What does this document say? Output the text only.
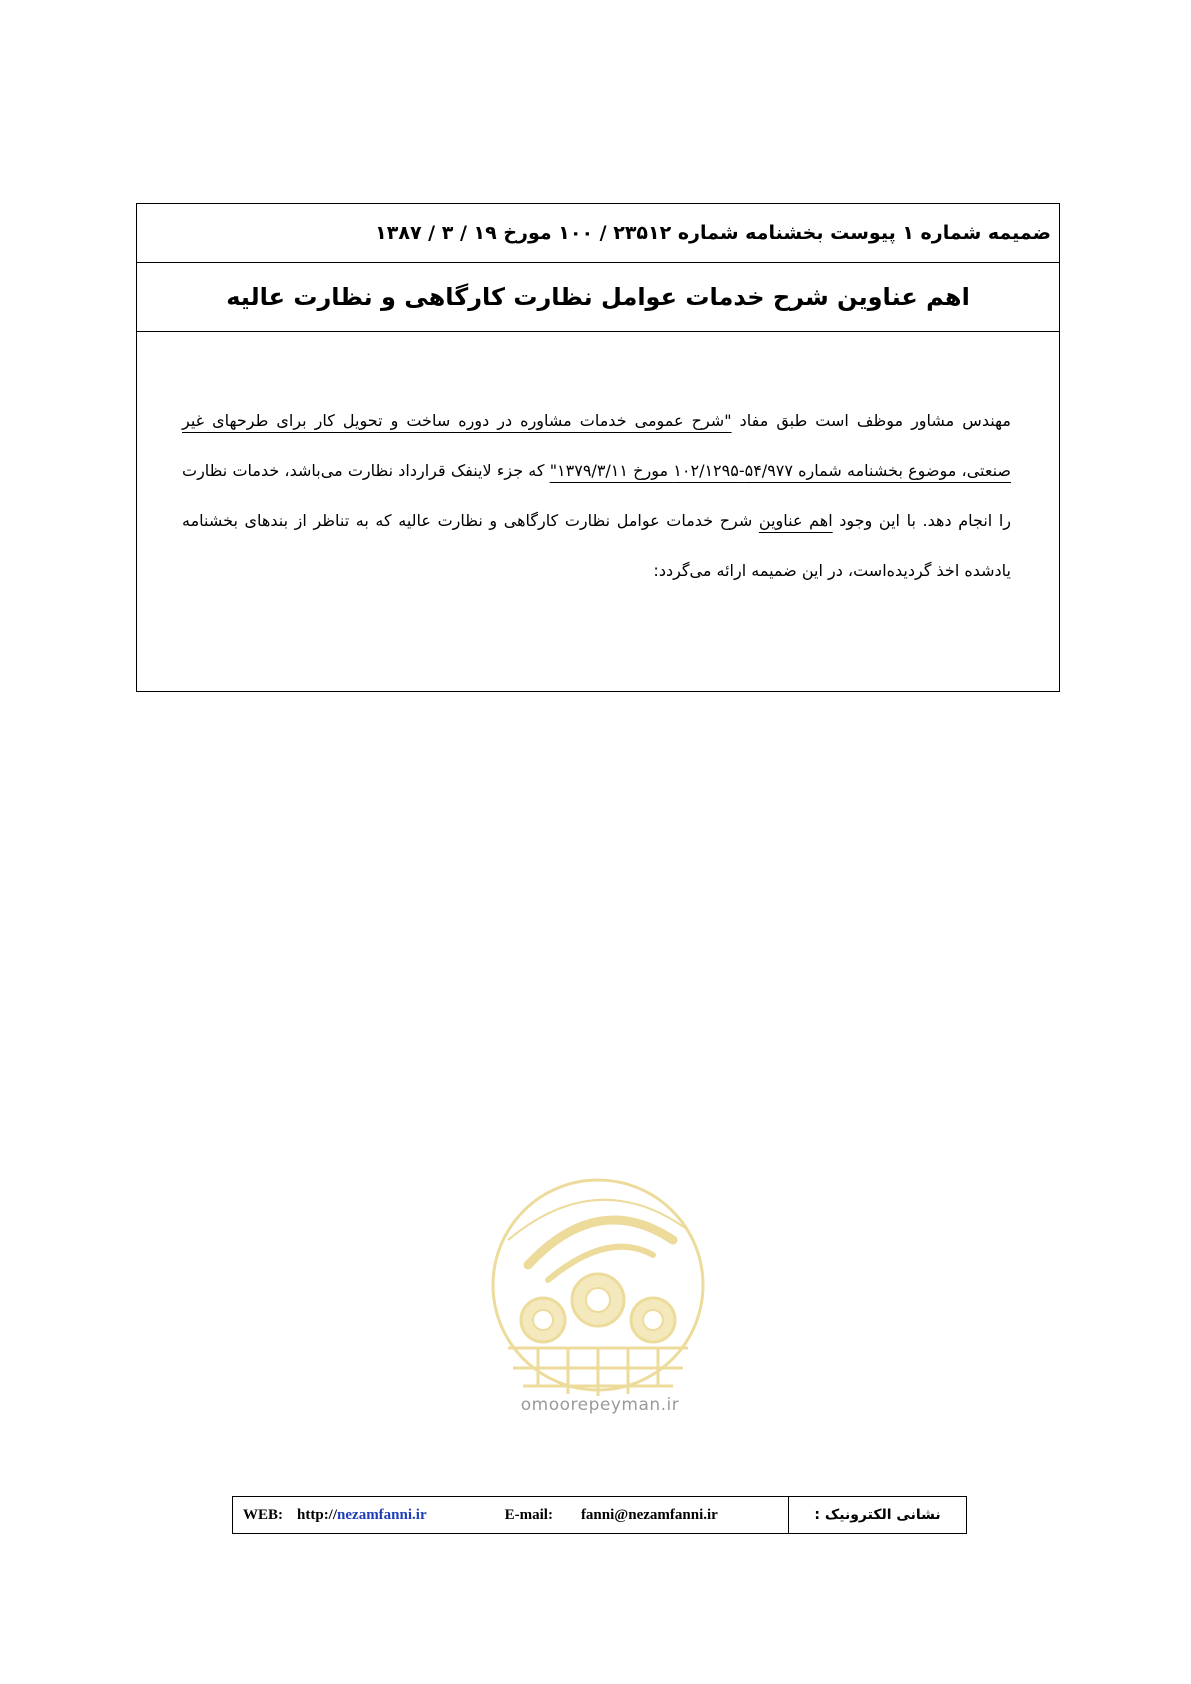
ضمیمه شماره ۱ پیوست بخشنامه شماره ۲۳۵۱۲ / ۱۰۰ مورخ ۱۹ / ۳ / ۱۳۸۷
اهم عناوین شرح خدمات عوامل نظارت کارگاهی و نظارت عالیه
مهندس مشاور موظف است طبق مفاد "شرح عمومی خدمات مشاوره در دوره ساخت و تحویل کار برای طرحهای غیر صنعتی، موضوع بخشنامه شماره ۵۴/۹۷۷-۱۰۲/۱۲۹۵ مورخ ۱۳۷۹/۳/۱۱" که جزء لاینفک قرارداد نظارت می‌باشد، خدمات نظارت را انجام دهد. با این وجود اهم عناوین شرح خدمات عوامل نظارت کارگاهی و نظارت عالیه که به تناظر از بندهای بخشنامه یادشده اخذ گردیده‌است، در این ضمیمه ارائه می‌گردد:
omoorepeyman.ir
WEB: http://nezamfanni.ir	E-mail: fanni@nezamfanni.ir	نشانی الکترونیک :
